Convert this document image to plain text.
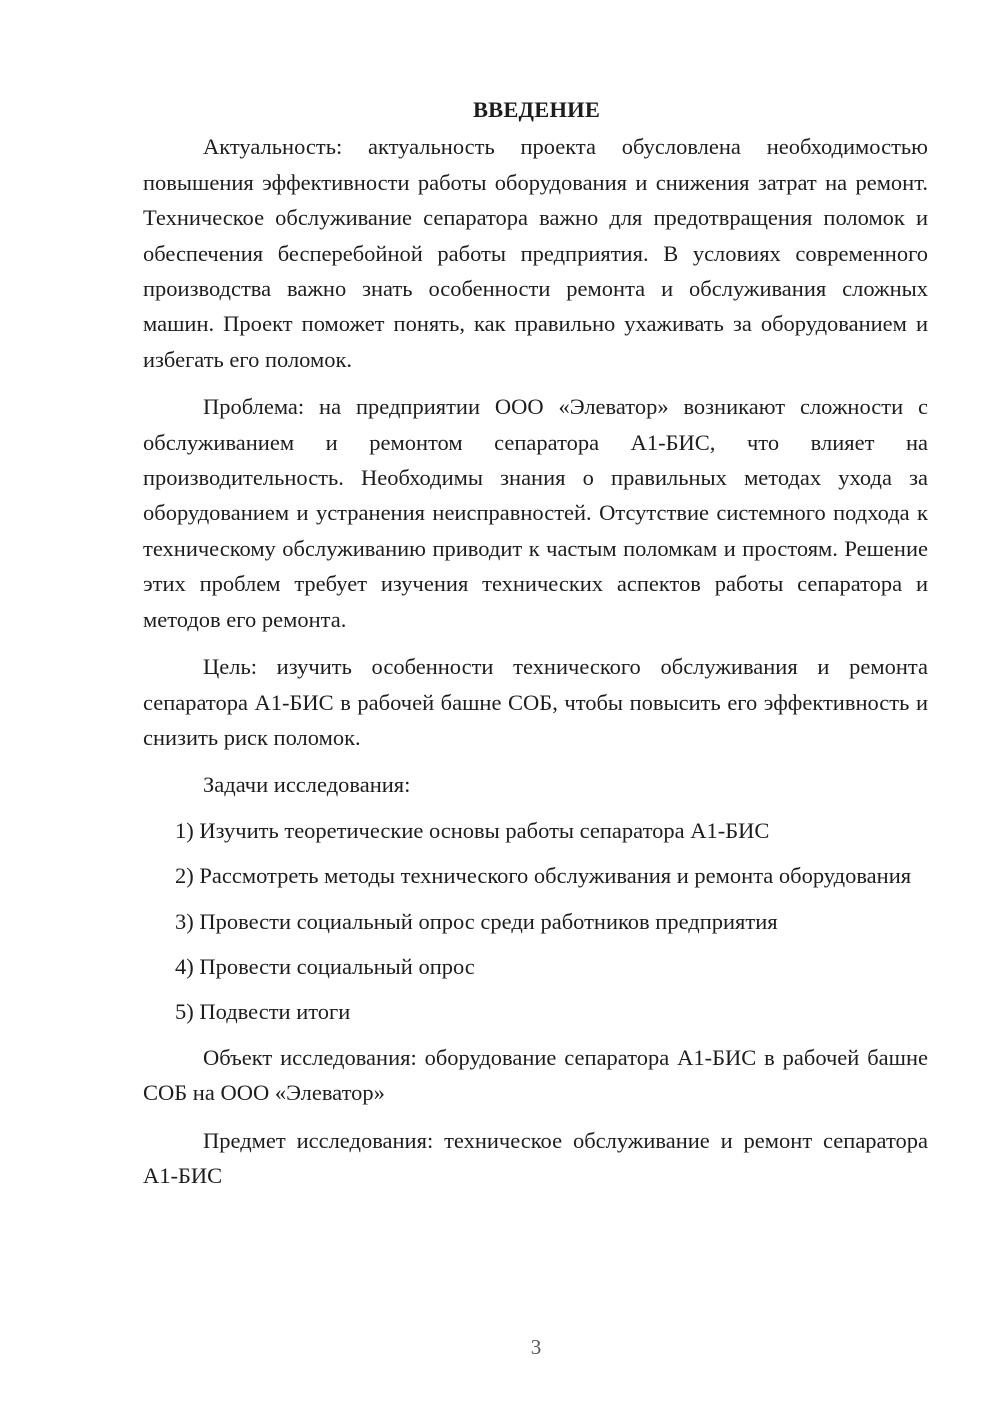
ВВЕДЕНИЕ

Актуальность: актуальность проекта обусловлена необходимостью повышения эффективности работы оборудования и снижения затрат на ремонт. Техническое обслуживание сепаратора важно для предотвращения поломок и обеспечения бесперебойной работы предприятия. В условиях современного производства важно знать особенности ремонта и обслуживания сложных машин. Проект поможет понять, как правильно ухаживать за оборудованием и избегать его поломок.

Проблема: на предприятии ООО «Элеватор» возникают сложности с обслуживанием и ремонтом сепаратора А1-БИС, что влияет на производительность. Необходимы знания о правильных методах ухода за оборудованием и устранения неисправностей. Отсутствие системного подхода к техническому обслуживанию приводит к частым поломкам и простоям. Решение этих проблем требует изучения технических аспектов работы сепаратора и методов его ремонта.

Цель: изучить особенности технического обслуживания и ремонта сепаратора А1-БИС в рабочей башне СОБ, чтобы повысить его эффективность и снизить риск поломок.

Задачи исследования:

1) Изучить теоретические основы работы сепаратора А1-БИС

2) Рассмотреть методы технического обслуживания и ремонта оборудования

3) Провести социальный опрос среди работников предприятия

4) Провести социальный опрос

5) Подвести итоги

Объект исследования: оборудование сепаратора А1-БИС в рабочей башне СОБ на ООО «Элеватор»

Предмет исследования: техническое обслуживание и ремонт сепаратора А1-БИС

3
